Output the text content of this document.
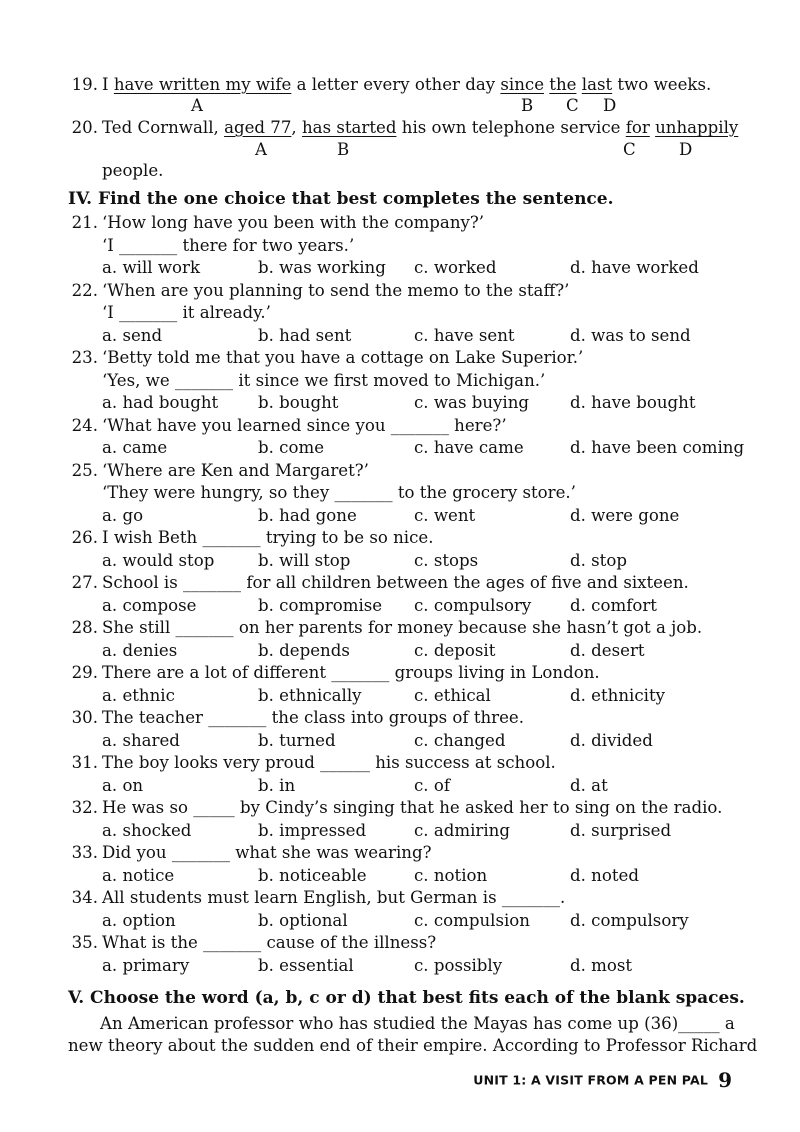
19. I have written my wife a letter every other day since the last two weeks.
A	B C D
20. Ted Cornwall, aged 77, has started his own telephone service for unhappily
A	B	C	D
people.
IV. Find the one choice that best completes the sentence.
21. ‘How long have you been with the company?’
‘I _______ there for two years.’
a. will work	b. was working c. worked	d. have worked
22. ‘When are you planning to send the memo to the staff?’
‘I _______ it already.’
a. send	b. had sent	c. have sent	d. was to send
23. ‘Betty told me that you have a cottage on Lake Superior.’
‘Yes, we _______ it since we first moved to Michigan.’
a. had bought b. bought	c. was buying d. have bought
24. ‘What have you learned since you _______ here?’
a. came	b. come	c. have came	d. have been coming
25. ‘Where are Ken and Margaret?’
‘They were hungry, so they _______ to the grocery store.’
a. go	b. had gone	c. went	d. were gone
26. I wish Beth _______ trying to be so nice.
a. would stop	b. will stop	c. stops	d. stop
27. School is _______ for all children between the ages of five and sixteen.
a. compose	b. compromise c. compulsory d. comfort
28. She still _______ on her parents for money because she hasn’t got a job.
a. denies	b. depends	c. deposit	d. desert
29. There are a lot of different _______ groups living in London.
a. ethnic	b. ethnically	c. ethical	d. ethnicity
30. The teacher _______ the class into groups of three.
a. shared	b. turned	c. changed	d. divided
31. The boy looks very proud ______ his success at school.
a. on	b. in	c. of	d. at
32. He was so _____ by Cindy’s singing that he asked her to sing on the radio.
a. shocked	b. impressed	c. admiring	d. surprised
33. Did you _______ what she was wearing?
a. notice	b. noticeable	c. notion	d. noted
34. All students must learn English, but German is _______.
a. option	b. optional	c. compulsion d. compulsory
35. What is the _______ cause of the illness?
a. primary	b. essential	c. possibly	d. most
V. Choose the word (a, b, c or d) that best fits each of the blank spaces.
An American professor who has studied the Mayas has come up (36)_____ a
new theory about the sudden end of their empire. According to Professor Richard
UNIT 1: A VISIT FROM A PEN PAL 9
